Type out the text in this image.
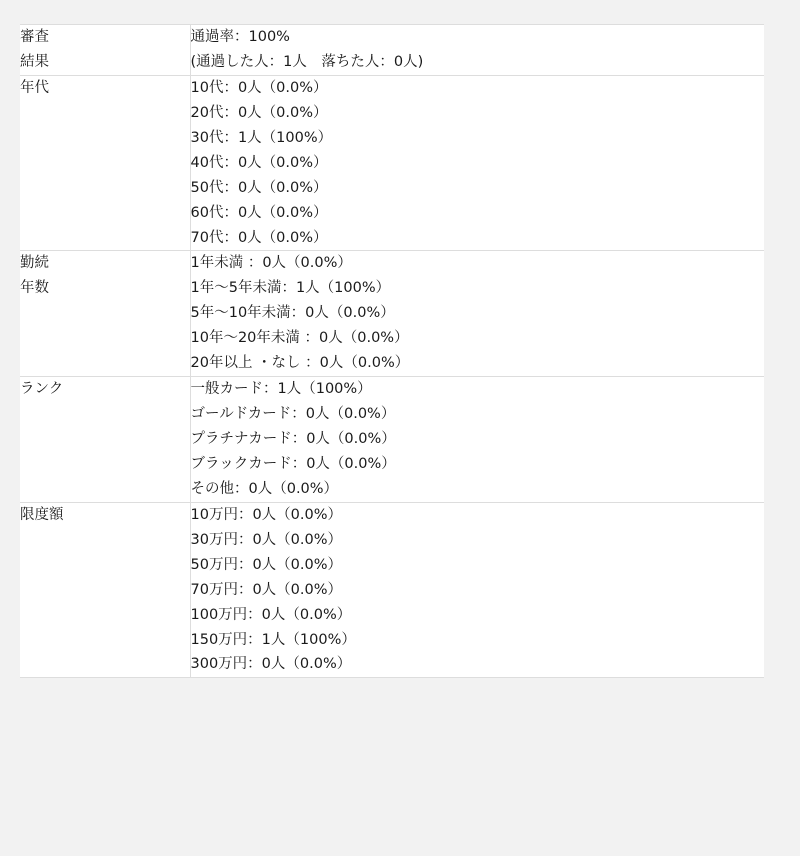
審査
結果	通過率：100%
(通過した人：1人　落ちた人：0人)

年代	10代：0人（0.0%）
20代：0人（0.0%）
30代：1人（100%）
40代：0人（0.0%）
50代：0人（0.0%）
60代：0人（0.0%）
70代：0人（0.0%）

勤続
年数	1年未満 ：0人（0.0%）
1年〜5年未満：1人（100%）
5年〜10年未満：0人（0.0%）
10年〜20年未満 ：0人（0.0%）
20年以上 ・なし ：0人（0.0%）

ランク	一般カード：1人（100%）
ゴールドカード：0人（0.0%）
プラチナカード：0人（0.0%）
ブラックカード：0人（0.0%）
その他：0人（0.0%）

限度額	10万円：0人（0.0%）
30万円：0人（0.0%）
50万円：0人（0.0%）
70万円：0人（0.0%）
100万円：0人（0.0%）
150万円：1人（100%）
300万円：0人（0.0%）
